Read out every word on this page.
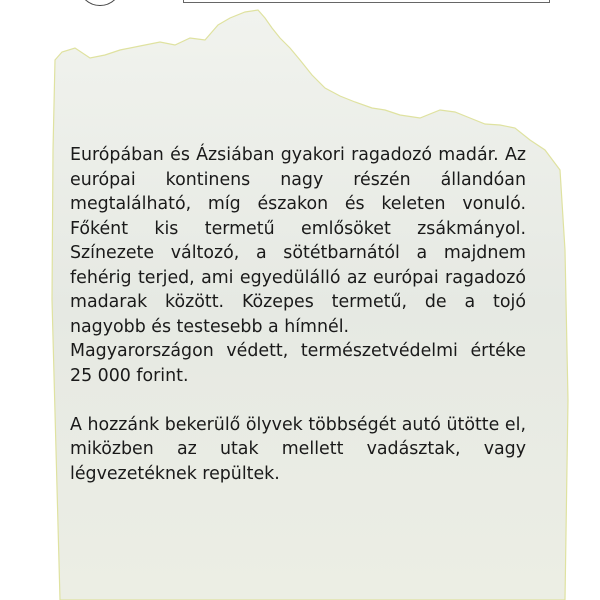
Európában és Ázsiában gyakori ragadozó madár. Az európai kontinens nagy részén állandóan megtalálható, míg északon és keleten vonuló. Főként kis termetű emlősöket zsákmányol. Színezete változó, a sötétbarnától a majdnem fehérig terjed, ami egyedülálló az európai ragadozó madarak között. Közepes termetű, de a tojó nagyobb és testesebb a hímnél.

Magyarországon védett, természetvédelmi értéke 25 000 forint.

A hozzánk bekerülő ölyvek többségét autó ütötte el, miközben az utak mellett vadásztak, vagy légvezetéknek repültek.
